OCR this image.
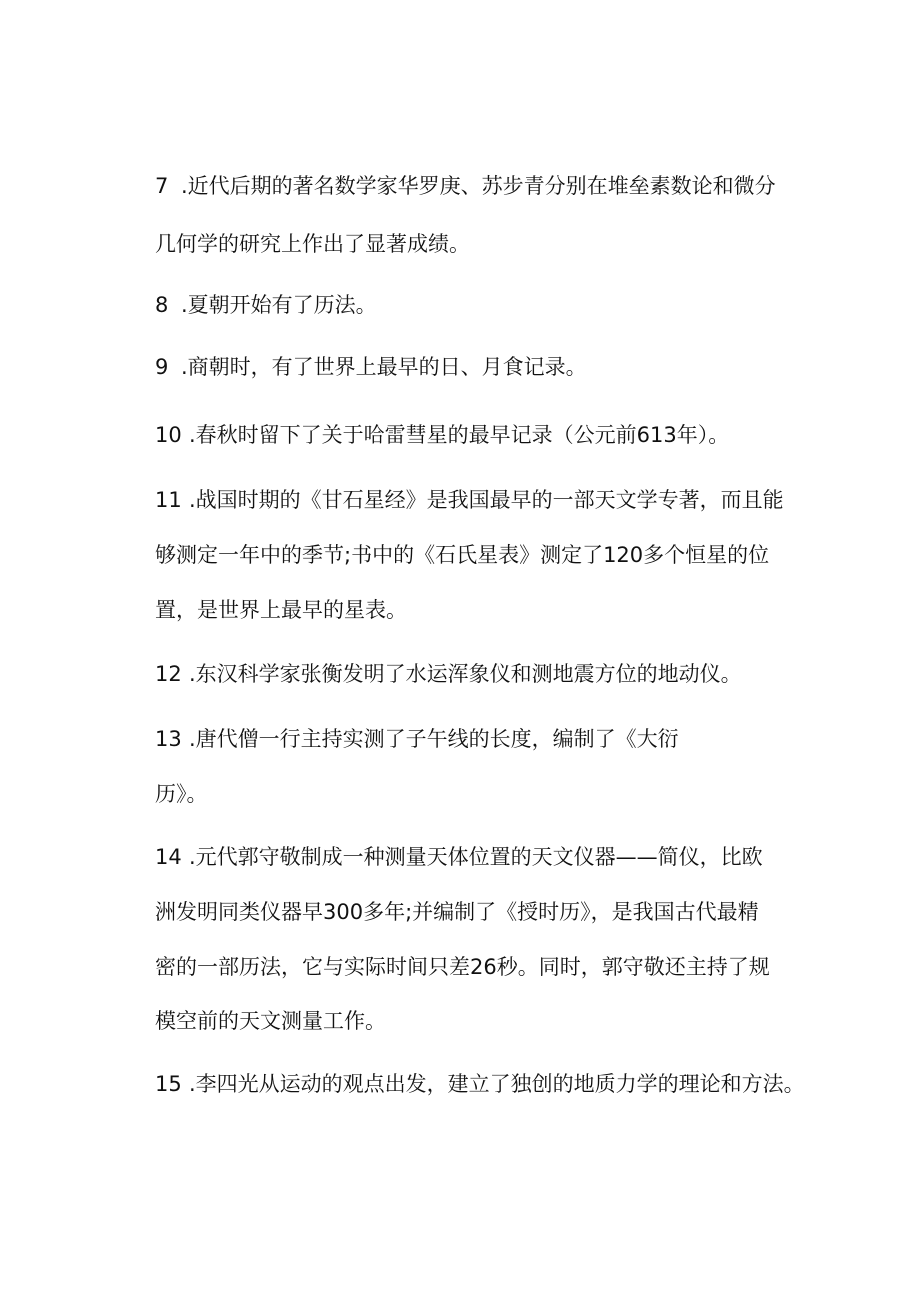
7 .近代后期的著名数学家华罗庚、苏步青分别在堆垒素数论和微分
几何学的研究上作出了显著成绩。
8 .夏朝开始有了历法。
9 .商朝时，有了世界上最早的日、月食记录。
10 .春秋时留下了关于哈雷彗星的最早记录（公元前613年）。
11 .战国时期的《甘石星经》是我国最早的一部天文学专著，而且能
够测定一年中的季节;书中的《石氏星表》测定了120多个恒星的位
置，是世界上最早的星表。
12 .东汉科学家张衡发明了水运浑象仪和测地震方位的地动仪。
13 .唐代僧一行主持实测了子午线的长度，编制了《大衍
历》。
14 .元代郭守敬制成一种测量天体位置的天文仪器——简仪，比欧
洲发明同类仪器早300多年;并编制了《授时历》，是我国古代最精
密的一部历法，它与实际时间只差26秒。同时，郭守敬还主持了规
模空前的天文测量工作。
15 .李四光从运动的观点出发，建立了独创的地质力学的理论和方法。
